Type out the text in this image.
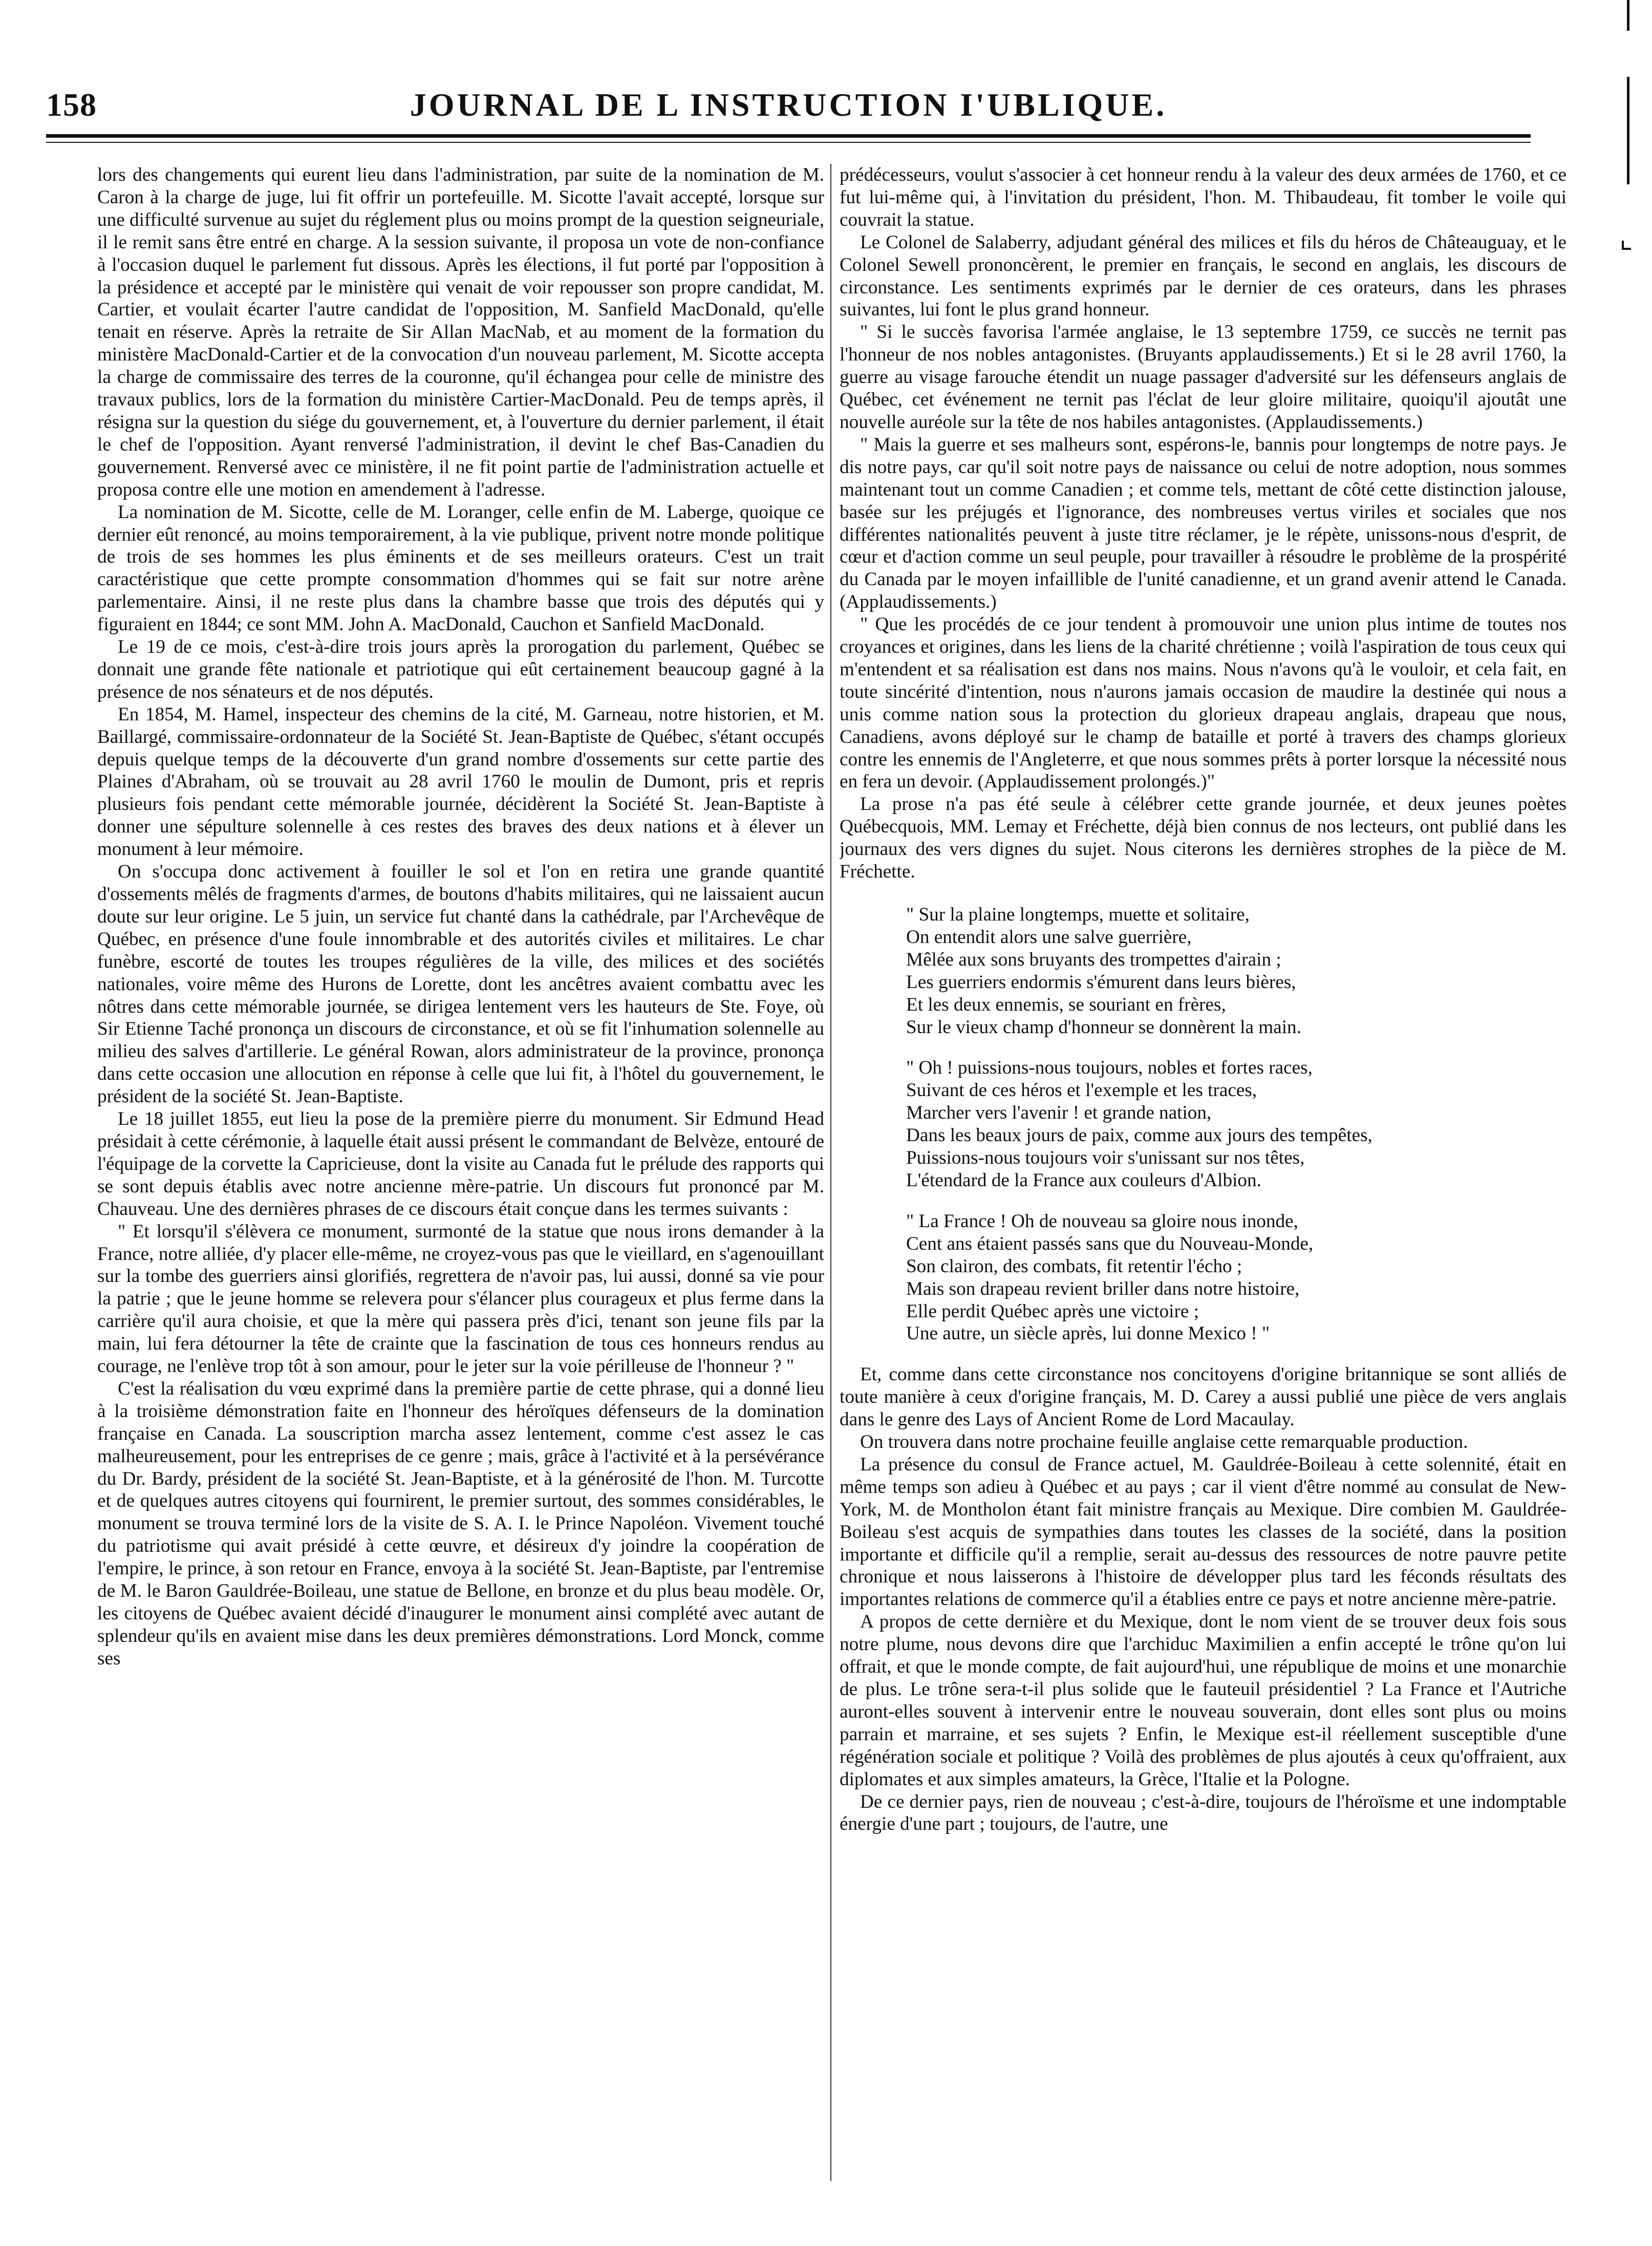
158	JOURNAL DE L INSTRUCTION I'UBLIQUE.

lors des changements qui eurent lieu dans l'administration, par suite de la nomination de M. Caron à la charge de juge, lui fit offrir un portefeuille. M. Sicotte l'avait accepté, lorsque sur une difficulté survenue au sujet du réglement plus ou moins prompt de la question seigneuriale, il le remit sans être entré en charge. A la session suivante, il proposa un vote de non-confiance à l'occasion duquel le parlement fut dissous. Après les élections, il fut porté par l'opposition à la présidence et accepté par le ministère qui venait de voir repousser son propre candidat, M. Cartier, et voulait écarter l'autre candidat de l'opposition, M. Sanfield MacDonald, qu'elle tenait en réserve. Après la retraite de Sir Allan MacNab, et au moment de la formation du ministère MacDonald-Cartier et de la convocation d'un nouveau parlement, M. Sicotte accepta la charge de commissaire des terres de la couronne, qu'il échangea pour celle de ministre des travaux publics, lors de la formation du ministère Cartier-MacDonald. Peu de temps après, il résigna sur la question du siége du gouvernement, et, à l'ouverture du dernier parlement, il était le chef de l'opposition. Ayant renversé l'administration, il devint le chef Bas-Canadien du gouvernement. Renversé avec ce ministère, il ne fit point partie de l'administration actuelle et proposa contre elle une motion en amendement à l'adresse.

La nomination de M. Sicotte, celle de M. Loranger, celle enfin de M. Laberge, quoique ce dernier eût renoncé, au moins temporairement, à la vie publique, privent notre monde politique de trois de ses hommes les plus éminents et de ses meilleurs orateurs. C'est un trait caractéristique que cette prompte consommation d'hommes qui se fait sur notre arène parlementaire. Ainsi, il ne reste plus dans la chambre basse que trois des députés qui y figuraient en 1844; ce sont MM. John A. MacDonald, Cauchon et Sanfield MacDonald.

Le 19 de ce mois, c'est-à-dire trois jours après la prorogation du parlement, Québec se donnait une grande fête nationale et patriotique qui eût certainement beaucoup gagné à la présence de nos sénateurs et de nos députés.

En 1854, M. Hamel, inspecteur des chemins de la cité, M. Garneau, notre historien, et M. Baillargé, commissaire-ordonnateur de la Société St. Jean-Baptiste de Québec, s'étant occupés depuis quelque temps de la découverte d'un grand nombre d'ossements sur cette partie des Plaines d'Abraham, où se trouvait au 28 avril 1760 le moulin de Dumont, pris et repris plusieurs fois pendant cette mémorable journée, décidèrent la Société St. Jean-Baptiste à donner une sépulture solennelle à ces restes des braves des deux nations et à élever un monument à leur mémoire.

On s'occupa donc activement à fouiller le sol et l'on en retira une grande quantité d'ossements mêlés de fragments d'armes, de boutons d'habits militaires, qui ne laissaient aucun doute sur leur origine. Le 5 juin, un service fut chanté dans la cathédrale, par l'Archevêque de Québec, en présence d'une foule innombrable et des autorités civiles et militaires. Le char funèbre, escorté de toutes les troupes régulières de la ville, des milices et des sociétés nationales, voire même des Hurons de Lorette, dont les ancêtres avaient combattu avec les nôtres dans cette mémorable journée, se dirigea lentement vers les hauteurs de Ste. Foye, où Sir Etienne Taché prononça un discours de circonstance, et où se fit l'inhumation solennelle au milieu des salves d'artillerie. Le général Rowan, alors administrateur de la province, prononça dans cette occasion une allocution en réponse à celle que lui fit, à l'hôtel du gouvernement, le président de la société St. Jean-Baptiste.

Le 18 juillet 1855, eut lieu la pose de la première pierre du monument. Sir Edmund Head présidait à cette cérémonie, à laquelle était aussi présent le commandant de Belvèze, entouré de l'équipage de la corvette la Capricieuse, dont la visite au Canada fut le prélude des rapports qui se sont depuis établis avec notre ancienne mère-patrie. Un discours fut prononcé par M. Chauveau. Une des dernières phrases de ce discours était conçue dans les termes suivants :

" Et lorsqu'il s'élèvera ce monument, surmonté de la statue que nous irons demander à la France, notre alliée, d'y placer elle-même, ne croyez-vous pas que le vieillard, en s'agenouillant sur la tombe des guerriers ainsi glorifiés, regrettera de n'avoir pas, lui aussi, donné sa vie pour la patrie ; que le jeune homme se relevera pour s'élancer plus courageux et plus ferme dans la carrière qu'il aura choisie, et que la mère qui passera près d'ici, tenant son jeune fils par la main, lui fera détourner la tête de crainte que la fascination de tous ces honneurs rendus au courage, ne l'enlève trop tôt à son amour, pour le jeter sur la voie périlleuse de l'honneur ? "

C'est la réalisation du vœu exprimé dans la première partie de cette phrase, qui a donné lieu à la troisième démonstration faite en l'honneur des héroïques défenseurs de la domination française en Canada. La souscription marcha assez lentement, comme c'est assez le cas malheureusement, pour les entreprises de ce genre ; mais, grâce à l'activité et à la persévérance du Dr. Bardy, président de la société St. Jean-Baptiste, et à la générosité de l'hon. M. Turcotte et de quelques autres citoyens qui fournirent, le premier surtout, des sommes considérables, le monument se trouva terminé lors de la visite de S. A. I. le Prince Napoléon. Vivement touché du patriotisme qui avait présidé à cette œuvre, et désireux d'y joindre la coopération de l'empire, le prince, à son retour en France, envoya à la société St. Jean-Baptiste, par l'entremise de M. le Baron Gauldrée-Boileau, une statue de Bellone, en bronze et du plus beau modèle. Or, les citoyens de Québec avaient décidé d'inaugurer le monument ainsi complété avec autant de splendeur qu'ils en avaient mise dans les deux premières démonstrations. Lord Monck, comme ses

prédécesseurs, voulut s'associer à cet honneur rendu à la valeur des deux armées de 1760, et ce fut lui-même qui, à l'invitation du président, l'hon. M. Thibaudeau, fit tomber le voile qui couvrait la statue.

Le Colonel de Salaberry, adjudant général des milices et fils du héros de Châteauguay, et le Colonel Sewell prononcèrent, le premier en français, le second en anglais, les discours de circonstance. Les sentiments exprimés par le dernier de ces orateurs, dans les phrases suivantes, lui font le plus grand honneur.

" Si le succès favorisa l'armée anglaise, le 13 septembre 1759, ce succès ne ternit pas l'honneur de nos nobles antagonistes. (Bruyants applaudissements.) Et si le 28 avril 1760, la guerre au visage farouche étendit un nuage passager d'adversité sur les défenseurs anglais de Québec, cet événement ne ternit pas l'éclat de leur gloire militaire, quoiqu'il ajoutât une nouvelle auréole sur la tête de nos habiles antagonistes. (Applaudissements.)

" Mais la guerre et ses malheurs sont, espérons-le, bannis pour longtemps de notre pays. Je dis notre pays, car qu'il soit notre pays de naissance ou celui de notre adoption, nous sommes maintenant tout un comme Canadien ; et comme tels, mettant de côté cette distinction jalouse, basée sur les préjugés et l'ignorance, des nombreuses vertus viriles et sociales que nos différentes nationalités peuvent à juste titre réclamer, je le répète, unissons-nous d'esprit, de cœur et d'action comme un seul peuple, pour travailler à résoudre le problème de la prospérité du Canada par le moyen infaillible de l'unité canadienne, et un grand avenir attend le Canada. (Applaudissements.)

" Que les procédés de ce jour tendent à promouvoir une union plus intime de toutes nos croyances et origines, dans les liens de la charité chrétienne ; voilà l'aspiration de tous ceux qui m'entendent et sa réalisation est dans nos mains. Nous n'avons qu'à le vouloir, et cela fait, en toute sincérité d'intention, nous n'aurons jamais occasion de maudire la destinée qui nous a unis comme nation sous la protection du glorieux drapeau anglais, drapeau que nous, Canadiens, avons déployé sur le champ de bataille et porté à travers des champs glorieux contre les ennemis de l'Angleterre, et que nous sommes prêts à porter lorsque la nécessité nous en fera un devoir. (Applaudissement prolongés.)"

La prose n'a pas été seule à célébrer cette grande journée, et deux jeunes poètes Québecquois, MM. Lemay et Fréchette, déjà bien connus de nos lecteurs, ont publié dans les journaux des vers dignes du sujet. Nous citerons les dernières strophes de la pièce de M. Fréchette.

" Sur la plaine longtemps, muette et solitaire,
On entendit alors une salve guerrière,
Mêlée aux sons bruyants des trompettes d'airain ;
Les guerriers endormis s'émurent dans leurs bières,
Et les deux ennemis, se souriant en frères,
Sur le vieux champ d'honneur se donnèrent la main.
" Oh ! puissions-nous toujours, nobles et fortes races,
Suivant de ces héros et l'exemple et les traces,
Marcher vers l'avenir ! et grande nation,
Dans les beaux jours de paix, comme aux jours des tempêtes,
Puissions-nous toujours voir s'unissant sur nos têtes,
L'étendard de la France aux couleurs d'Albion.
" La France ! Oh de nouveau sa gloire nous inonde,
Cent ans étaient passés sans que du Nouveau-Monde,
Son clairon, des combats, fit retentir l'écho ;
Mais son drapeau revient briller dans notre histoire,
Elle perdit Québec après une victoire ;
Une autre, un siècle après, lui donne Mexico ! "

Et, comme dans cette circonstance nos concitoyens d'origine britannique se sont alliés de toute manière à ceux d'origine français, M. D. Carey a aussi publié une pièce de vers anglais dans le genre des Lays of Ancient Rome de Lord Macaulay.

On trouvera dans notre prochaine feuille anglaise cette remarquable production.

La présence du consul de France actuel, M. Gauldrée-Boileau à cette solennité, était en même temps son adieu à Québec et au pays ; car il vient d'être nommé au consulat de New-York, M. de Montholon étant fait ministre français au Mexique. Dire combien M. Gauldrée-Boileau s'est acquis de sympathies dans toutes les classes de la société, dans la position importante et difficile qu'il a remplie, serait au-dessus des ressources de notre pauvre petite chronique et nous laisserons à l'histoire de développer plus tard les féconds résultats des importantes relations de commerce qu'il a établies entre ce pays et notre ancienne mère-patrie.

A propos de cette dernière et du Mexique, dont le nom vient de se trouver deux fois sous notre plume, nous devons dire que l'archiduc Maximilien a enfin accepté le trône qu'on lui offrait, et que le monde compte, de fait aujourd'hui, une république de moins et une monarchie de plus. Le trône sera-t-il plus solide que le fauteuil présidentiel ? La France et l'Autriche auront-elles souvent à intervenir entre le nouveau souverain, dont elles sont plus ou moins parrain et marraine, et ses sujets ? Enfin, le Mexique est-il réellement susceptible d'une régénération sociale et politique ? Voilà des problèmes de plus ajoutés à ceux qu'offraient, aux diplomates et aux simples amateurs, la Grèce, l'Italie et la Pologne.

De ce dernier pays, rien de nouveau ; c'est-à-dire, toujours de l'héroïsme et une indomptable énergie d'une part ; toujours, de l'autre, une
